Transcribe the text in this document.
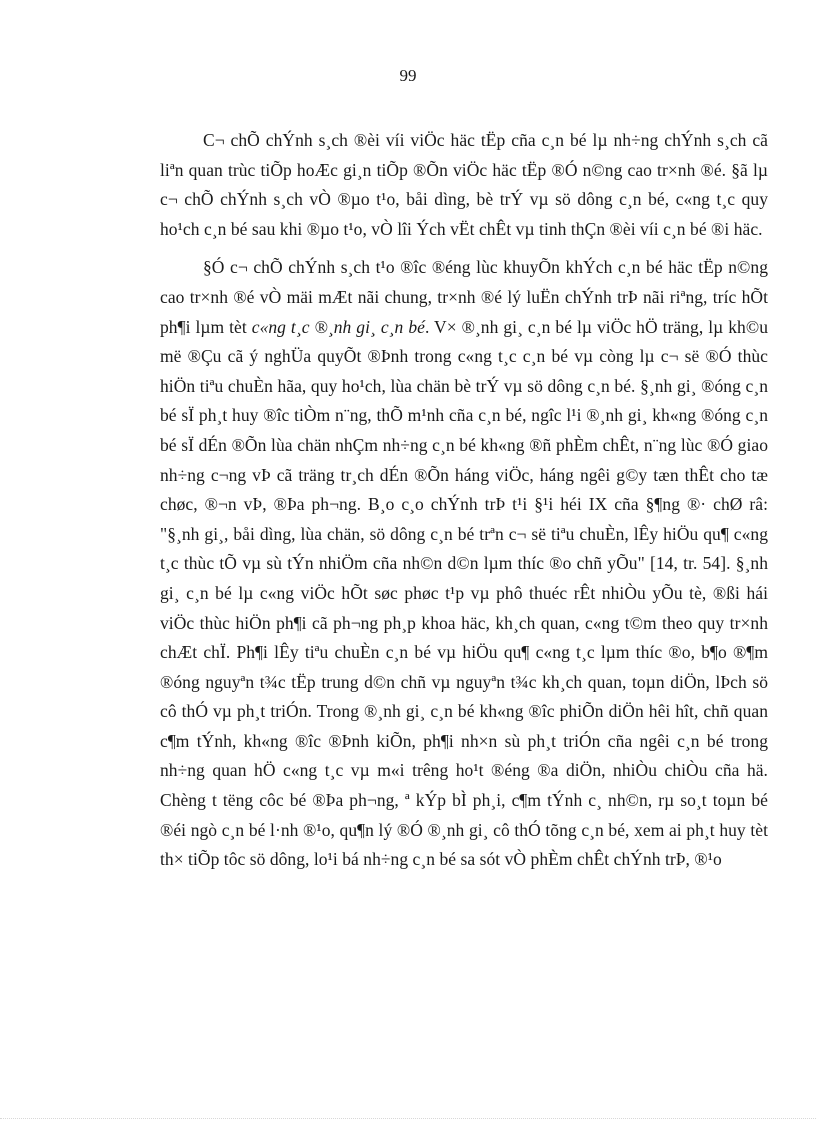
99

C¬ chÕ chÝnh s¸ch ®èi víi viÖc häc tËp cña c¸n bé lµ nh÷ng chÝnh s¸ch cã liªn quan trùc tiÕp hoÆc gi¸n tiÕp ®Õn viÖc häc tËp ®Ó n©ng cao tr×nh ®é. §ã lµ c¬ chÕ chÝnh s¸ch vÒ ®µo t¹o, båi dìng, bè trÝ vµ sö dông c¸n bé, c«ng t¸c quy ho¹ch c¸n bé sau khi ®µo t¹o, vÒ lîi Ých vËt chÊt vµ tinh thÇn ®èi víi c¸n bé ®i häc.

§Ó c¬ chÕ chÝnh s¸ch t¹o ®îc ®éng lùc khuyÕn khÝch c¸n bé häc tËp n©ng cao tr×nh ®é vÒ mäi mÆt nãi chung, tr×nh ®é lý luËn chÝnh trÞ nãi riªng, tríc hÕt ph¶i lµm tèt c«ng t¸c ®¸nh gi¸ c¸n bé. V× ®¸nh gi¸ c¸n bé lµ viÖc hÖ träng, lµ kh©u më ®Çu cã ý nghÜa quyÕt ®Þnh trong c«ng t¸c c¸n bé vµ còng lµ c¬ së ®Ó thùc hiÖn tiªu chuÈn hãa, quy ho¹ch, lùa chän bè trÝ vµ sö dông c¸n bé. §¸nh gi¸ ®óng c¸n bé sÏ ph¸t huy ®îc tiÒm n¨ng, thÕ m¹nh cña c¸n bé, ngîc l¹i ®¸nh gi¸ kh«ng ®óng c¸n bé sÏ dÉn ®Õn lùa chän nhÇm nh÷ng c¸n bé kh«ng ®ñ phÈm chÊt, n¨ng lùc ®Ó giao nh÷ng c¬ng vÞ cã träng tr¸ch dÉn ®Õn háng viÖc, háng ngêi g©y tæn thÊt cho tæ chøc, ®¬n vÞ, ®Þa ph¬ng. B¸o c¸o chÝnh trÞ t¹i §¹i héi IX cña §¶ng ®· chØ râ: "§¸nh gi¸, båi dìng, lùa chän, sö dông c¸n bé trªn c¬ së tiªu chuÈn, lÊy hiÖu qu¶ c«ng t¸c thùc tÕ vµ sù tÝn nhiÖm cña nh©n d©n lµm thíc ®o chñ yÕu" [14, tr. 54]. §¸nh gi¸ c¸n bé lµ c«ng viÖc hÕt søc phøc t¹p vµ phô thuéc rÊt nhiÒu yÕu tè, ®ßi hái viÖc thùc hiÖn ph¶i cã ph¬ng ph¸p khoa häc, kh¸ch quan, c«ng t©m theo quy tr×nh chÆt chÏ. Ph¶i lÊy tiªu chuÈn c¸n bé vµ hiÖu qu¶ c«ng t¸c lµm thíc ®o, b¶o ®¶m ®óng nguyªn t¾c tËp trung d©n chñ vµ nguyªn t¾c kh¸ch quan, toµn diÖn, lÞch sö cô thÓ vµ ph¸t triÓn. Trong ®¸nh gi¸ c¸n bé kh«ng ®îc phiÕn diÖn hêi hît, chñ quan c¶m tÝnh, kh«ng ®îc ®Þnh kiÕn, ph¶i nh×n sù ph¸t triÓn cña ngêi c¸n bé trong nh÷ng quan hÖ c«ng t¸c vµ m«i trêng ho¹t ®éng ®a diÖn, nhiÒu chiÒu cña hä. Chèng t tëng côc bé ®Þa ph¬ng, ª kÝp bÌ ph¸i, c¶m tÝnh c¸ nh©n, rµ so¸t toµn bé ®éi ngò c¸n bé l·nh ®¹o, qu¶n lý ®Ó ®¸nh gi¸ cô thÓ tõng c¸n bé, xem ai ph¸t huy tèt th× tiÕp tôc sö dông, lo¹i bá nh÷ng c¸n bé sa sót vÒ phÈm chÊt chÝnh trÞ, ®¹o
